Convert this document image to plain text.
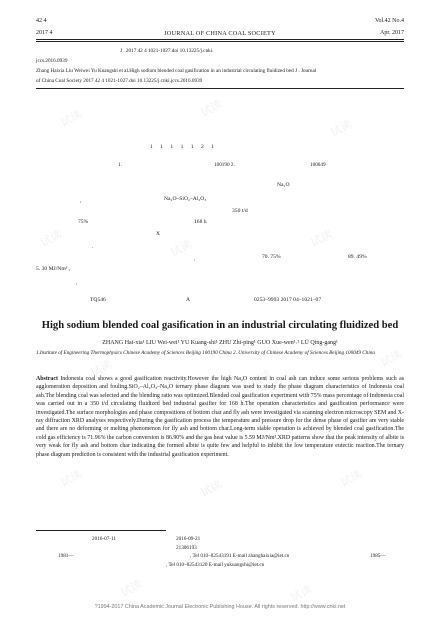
42 4
2017 4	JOURNAL OF CHINA COAL SOCIETY
Vol.42 No.4
Apr. 2017
J . 2017 42 4 1021-1027.doi 10.13225/j.cnki.
jccs.2016.0939
Zhang Haixia Liu Weiwei Yu Kuangshi et al.High sodium blended coal gasification in an industrial circulating fluidized bed J . Journal
of China Coal Society 2017 42 4 1021-1027.doi 10.13225/j.cnki.jccs.2016.0939
1 1 1 1 1 2 1
1.	100190 2.	100049
Na₂O
,	Na₂O–SiO₂–Al₂O₃
350 t/d
75%	168 h
X
.
70. 75%	89. 49%
,
5. 30 MJ/Nm³ ,
,
TQ546	A	0253–9993 2017 04–1021–07
High sodium blended coal gasification in an industrial circulating fluidized bed
ZHANG Hai-xia¹ LIU Wei-wei¹ YU Kuang-shi¹ ZHU Zhi-ping¹ GUO Xue-wen¹˒² LÜ Qing-gang¹
1.Institute of Engineering Thermophysics Chinese Academy of Sciences Beijing 100190 China 2. University of Chinese Academy of Sciences Beijing 100049 China
Abstract Indonesia coal shows a good gasification reactivity.However the high Na₂O content in coal ash can induce some serious problems such as agglomeration deposition and fouling.SiO₂–Al₂O₃–Na₂O ternary phase diagram was used to study the phase diagram characteristics of Indonesia coal ash.The blending coal was selected and the blending ratio was optimized.Blended coal gasification experiment with 75% mass percentage of Indonesia coal was carried out in a 350 t/d circulating fluidized bed industrial gasifier for 168 h.The operation characteristics and gasification performance were investigated.The surface morphologies and phase compositions of bottom char and fly ash were investigated via scanning electron microscopy SEM and X-ray diffraction XRD analyses respectively.During the gasification process the temperature and pressure drop for the dense phase of gasifier are very stable and there are no deforming or melting phenomenon for fly ash and bottom char.Long-term stable operation is achieved by blended coal gasification.The cold gas efficiency is 71.96% the carbon conversion is 86.90% and the gas heat value is 5.59 MJ/Nm³.XRD patterns show that the peak intensity of albite is very weak for fly ash and bottom char indicating the formed albite is quite few and helpful to inhibit the low temperature eutectic reaction.The ternary phase diagram prediction is consistent with the industrial gasification experiment.
2016-07-11	2016-09-21
21306193
1981—	, Tel 010–82543191 E-mail zhanghaixia@iet.cn	1985—
, Tel 010–82543120 E-mail yukuangshi@iet.cn
?1994-2017 China Academic Journal Electronic Publishing House. All rights reserved. http://www.cnki.net
试读	试读
试读
试读	试读	试读
试读	试读
试读
试读	试读	试读
试读	试读
